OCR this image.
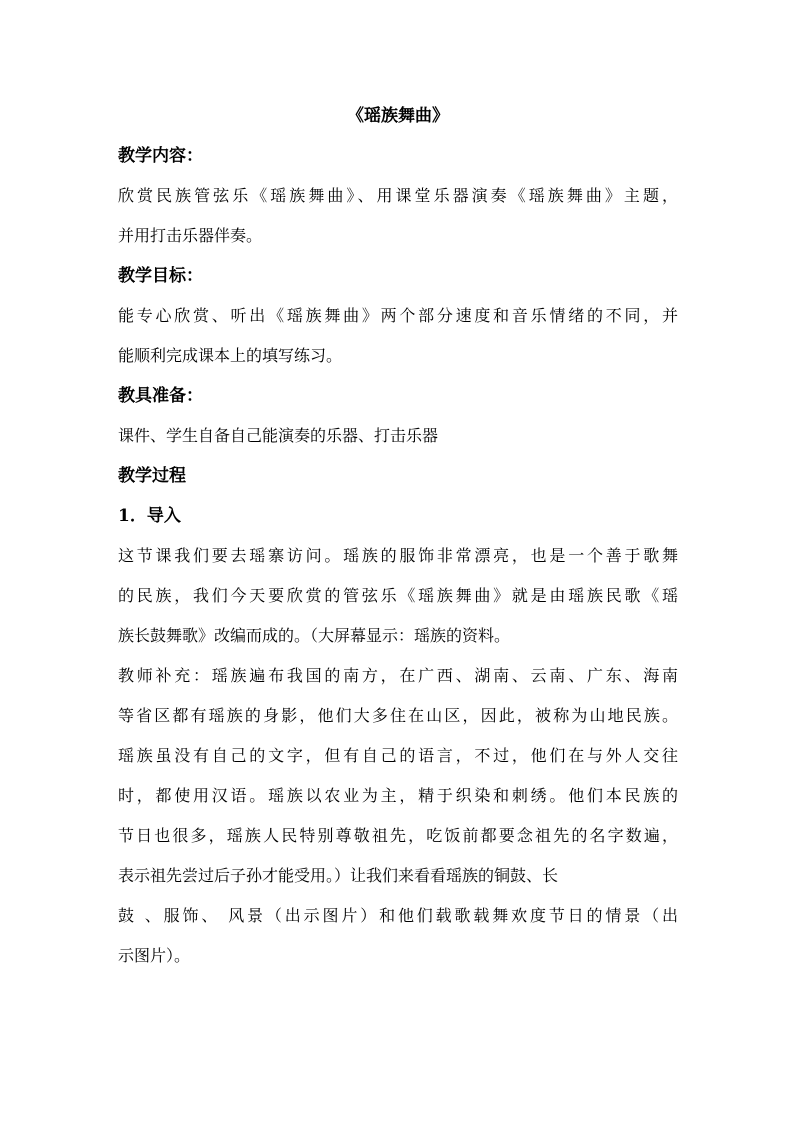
《瑶族舞曲》

教学内容：

欣赏民族管弦乐《瑶族舞曲》、用课堂乐器演奏《瑶族舞曲》主题，
并用打击乐器伴奏。

教学目标：

能专心欣赏、听出《瑶族舞曲》两个部分速度和音乐情绪的不同，并
能顺利完成课本上的填写练习。

教具准备：

课件、学生自备自己能演奏的乐器、打击乐器

教学过程

1．导入

这节课我们要去瑶寨访问。瑶族的服饰非常漂亮，也是一个善于歌舞
的民族，我们今天要欣赏的管弦乐《瑶族舞曲》就是由瑶族民歌《瑶
族长鼓舞歌》改编而成的。（大屏幕显示：瑶族的资料。
教师补充：瑶族遍布我国的南方，在广西、湖南、云南、广东、海南
等省区都有瑶族的身影，他们大多住在山区，因此，被称为山地民族。
瑶族虽没有自己的文字，但有自己的语言，不过，他们在与外人交往
时，都使用汉语。瑶族以农业为主，精于织染和刺绣。他们本民族的
节日也很多，瑶族人民特别尊敬祖先，吃饭前都要念祖先的名字数遍，
表示祖先尝过后子孙才能受用。）让我们来看看瑶族的铜鼓、长
鼓 、服饰、 风景（出示图片）和他们载歌载舞欢度节日的情景（出
示图片）。
